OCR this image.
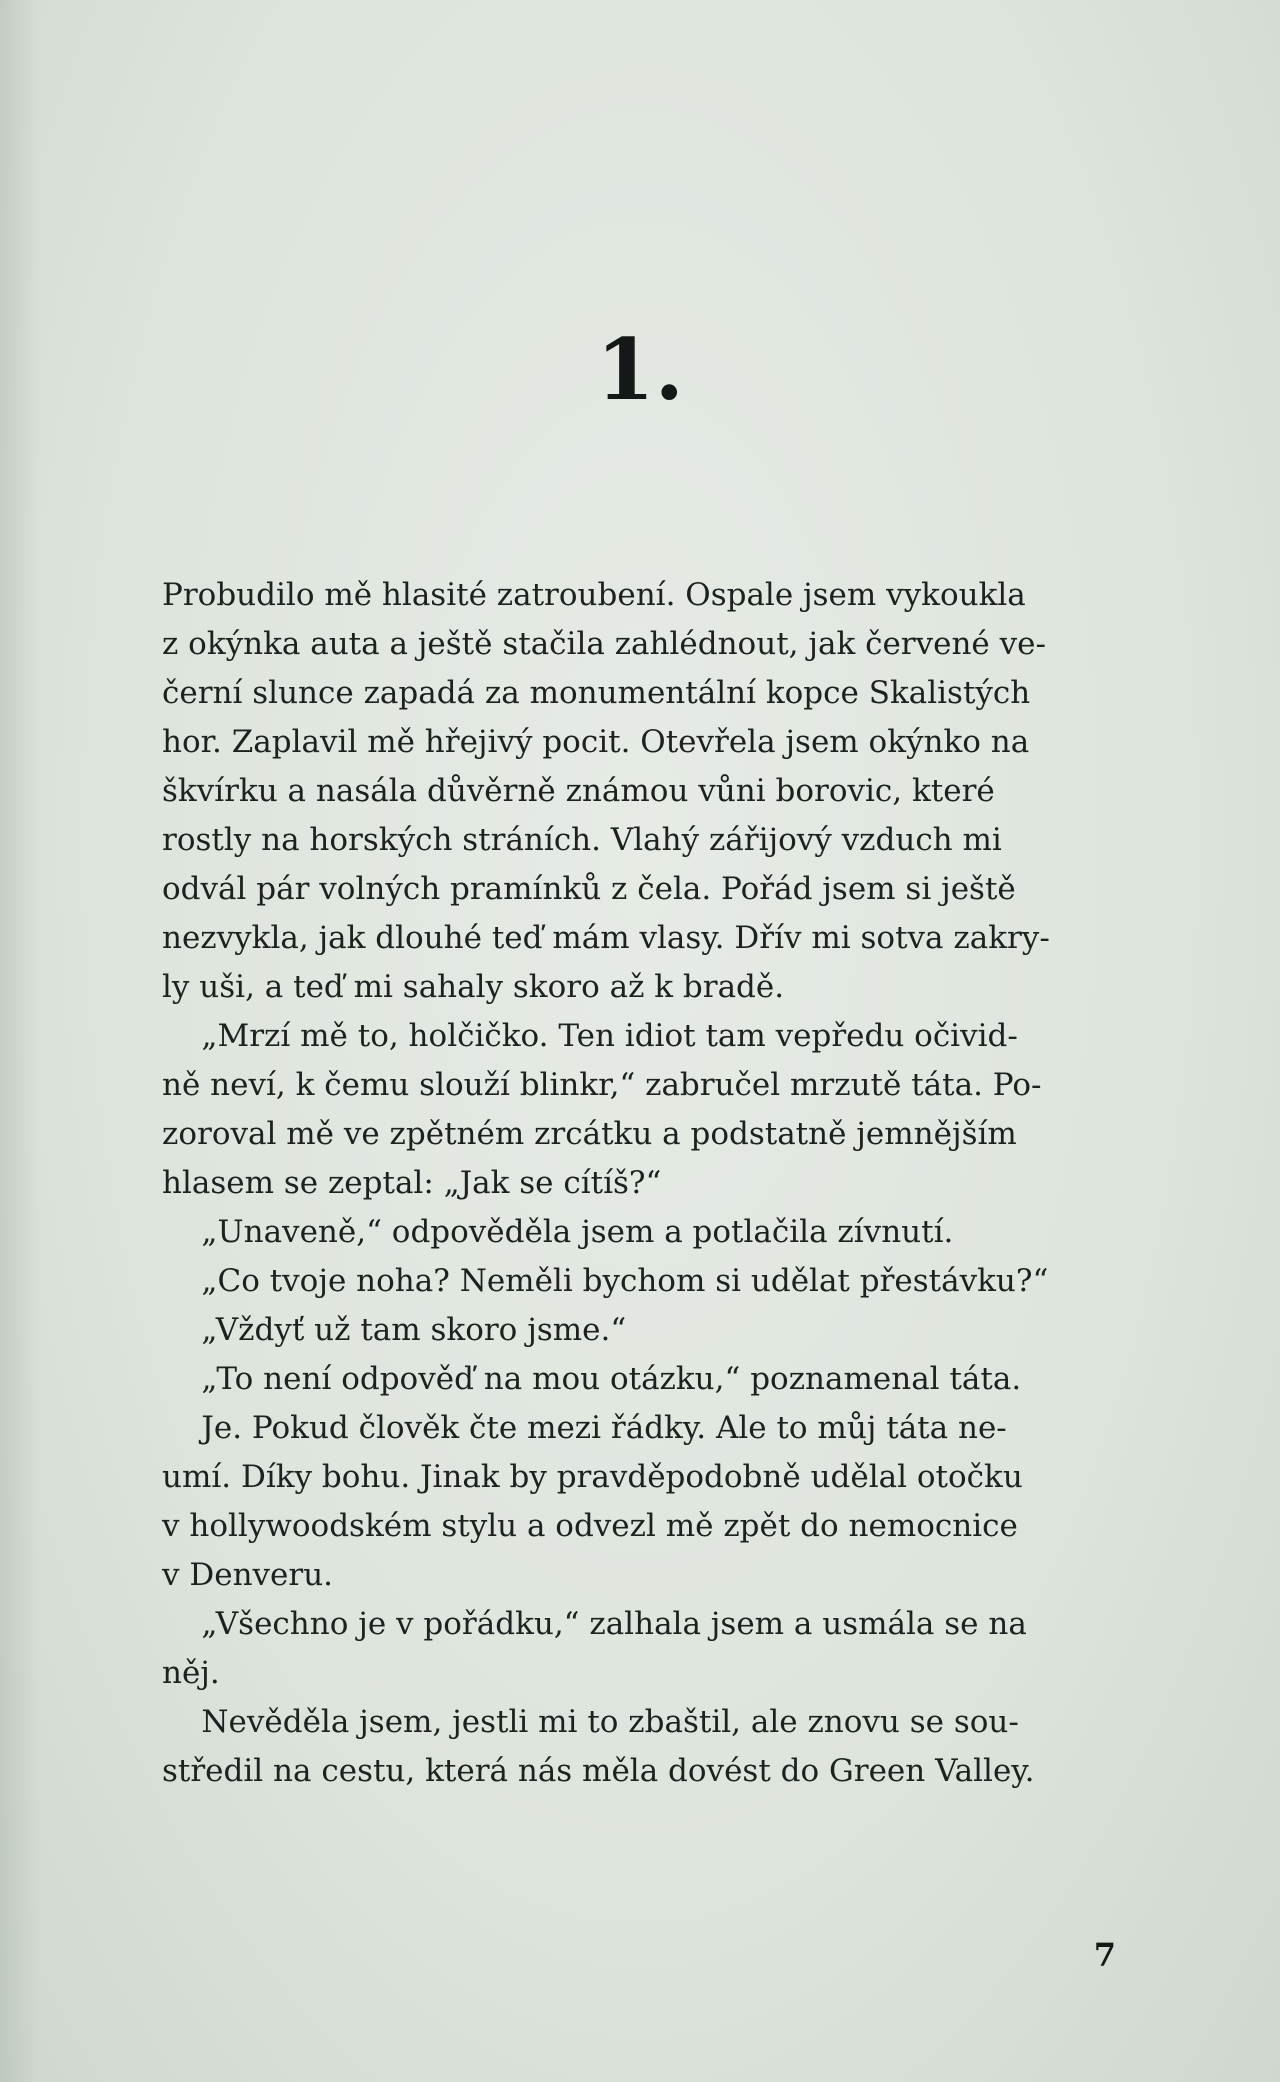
1.
Probudilo mě hlasité zatroubení. Ospale jsem vykoukla
z okýnka auta a ještě stačila zahlédnout, jak červené ve-
černí slunce zapadá za monumentální kopce Skalistých
hor. Zaplavil mě hřejivý pocit. Otevřela jsem okýnko na
škvírku a nasála důvěrně známou vůni borovic, které
rostly na horských stráních. Vlahý zářijový vzduch mi
odvál pár volných pramínků z čela. Pořád jsem si ještě
nezvykla, jak dlouhé teď mám vlasy. Dřív mi sotva zakry-
ly uši, a teď mi sahaly skoro až k bradě.
„Mrzí mě to, holčičko. Ten idiot tam vepředu očivid-
ně neví, k čemu slouží blinkr,“ zabručel mrzutě táta. Po-
zoroval mě ve zpětném zrcátku a podstatně jemnějším
hlasem se zeptal: „Jak se cítíš?“
„Unaveně,“ odpověděla jsem a potlačila zívnutí.
„Co tvoje noha? Neměli bychom si udělat přestávku?“
„Vždyť už tam skoro jsme.“
„To není odpověď na mou otázku,“ poznamenal táta.
Je. Pokud člověk čte mezi řádky. Ale to můj táta ne-
umí. Díky bohu. Jinak by pravděpodobně udělal otočku
v hollywoodském stylu a odvezl mě zpět do nemocnice
v Denveru.
„Všechno je v pořádku,“ zalhala jsem a usmála se na
něj.
Nevěděla jsem, jestli mi to zbaštil, ale znovu se sou-
středil na cestu, která nás měla dovést do Green Valley.
7
